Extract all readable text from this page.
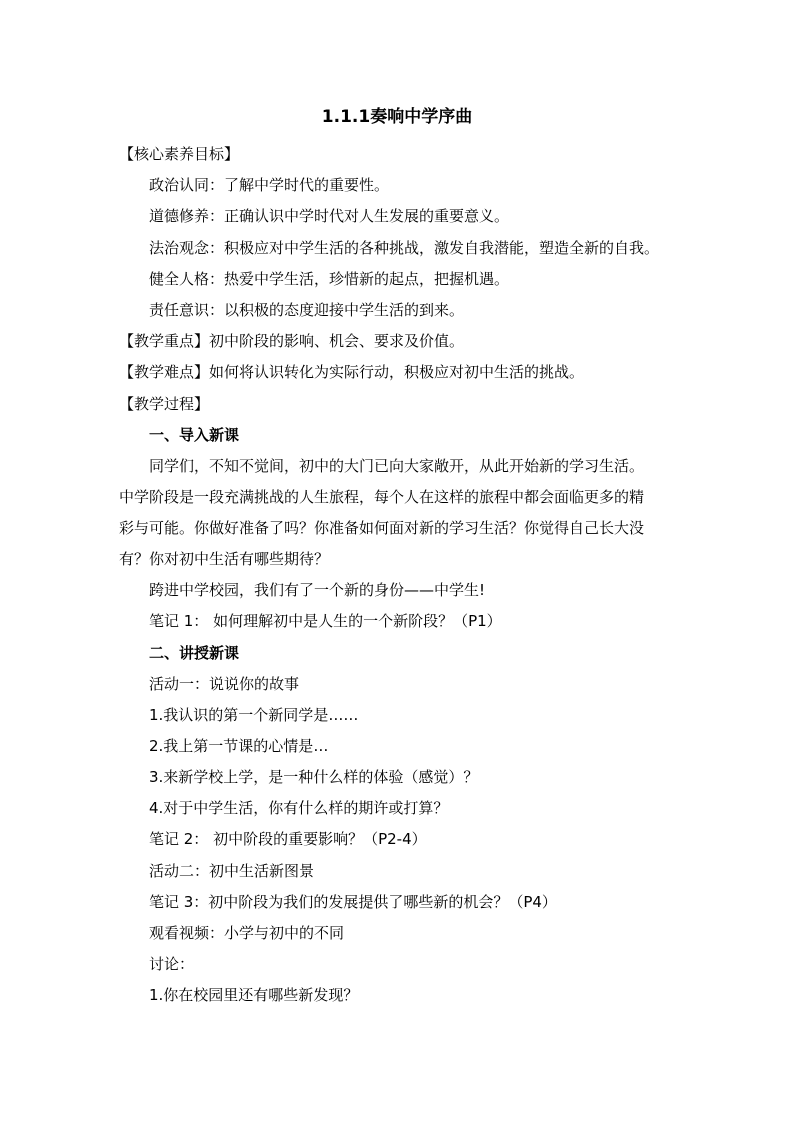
1.1.1奏响中学序曲
【核心素养目标】
政治认同：了解中学时代的重要性。
道德修养：正确认识中学时代对人生发展的重要意义。
法治观念：积极应对中学生活的各种挑战，激发自我潜能，塑造全新的自我。
健全人格：热爱中学生活，珍惜新的起点，把握机遇。
责任意识：以积极的态度迎接中学生活的到来。
【教学重点】初中阶段的影响、机会、要求及价值。
【教学难点】如何将认识转化为实际行动，积极应对初中生活的挑战。
【教学过程】
一、导入新课
同学们，不知不觉间，初中的大门已向大家敞开，从此开始新的学习生活。
中学阶段是一段充满挑战的人生旅程，每个人在这样的旅程中都会面临更多的精
彩与可能。你做好准备了吗？你准备如何面对新的学习生活？你觉得自己长大没
有？你对初中生活有哪些期待？
跨进中学校园，我们有了一个新的身份——中学生!
笔记 1： 如何理解初中是人生的一个新阶段？（P1）
二、讲授新课
活动一：说说你的故事
1.我认识的第一个新同学是……
2.我上第一节课的心情是…
3.来新学校上学，是一种什么样的体验（感觉）？
4.对于中学生活，你有什么样的期许或打算？
笔记 2： 初中阶段的重要影响？（P2-4）
活动二：初中生活新图景
笔记 3：初中阶段为我们的发展提供了哪些新的机会？（P4）
观看视频：小学与初中的不同
讨论：
1.你在校园里还有哪些新发现？
